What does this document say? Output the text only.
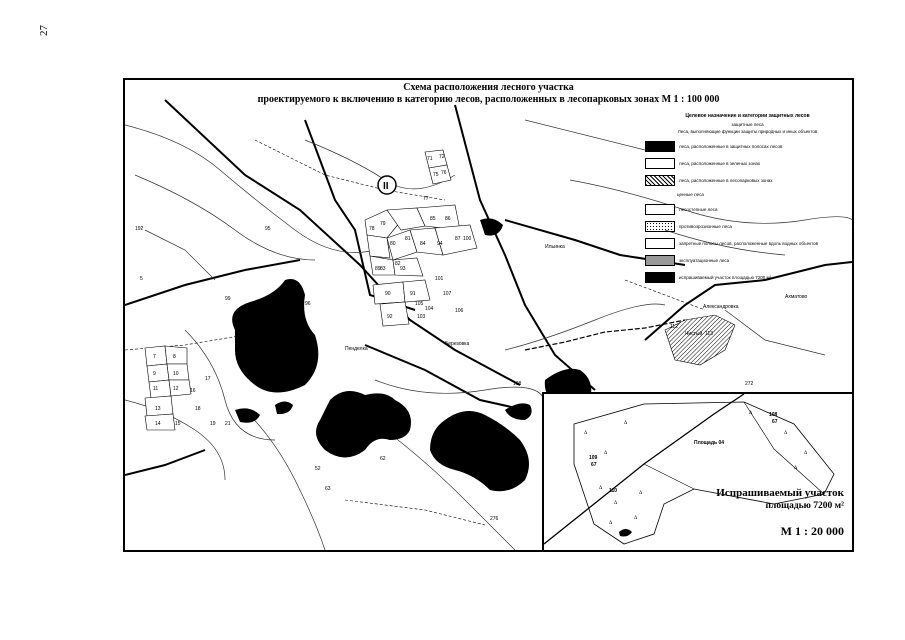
27
71 72
75 76
77
78
79
80
81
82
83
84
85 86
87
89
90	91
92
93
94
95
96
99
100
101
102
103
104
105
106
107
108
109
110
112
113
7	8
9	10
11	12
13
14	15
16
17
18
19 21
52
61
62
63
192
272
276
5
Пенделка
Березовка
Александровка
Ильинка
Ахматово
Чукаловка
Чистый
II
Схема расположения лесного участка
проектируемого к включению в категорию лесов, расположенных в лесопарковых зонах М 1 : 100 000
Целевое назначение и категории защитных лесов
защитные леса
Леса, выполняющие функции защиты природных и иных объектов
леса, расположенные в защитных полосах лесов
леса, расположенные в зеленых зонах
леса, расположенные в лесопарковых зонах
ценные леса
лесостепные леса
противоэрозионные леса
запретные полосы лесов, расположенные вдоль водных объектов
эксплуатационные леса
испрашиваемый участок площадью 7200 м²
Δ
Δ
Δ
Δ
Δ
Δ
Δ
Δ
Δ
Δ
Δ
Δ
109
108
110
67
67
Площадь 04
Испрашиваемый участок
площадью 7200 м²
М 1 : 20 000
